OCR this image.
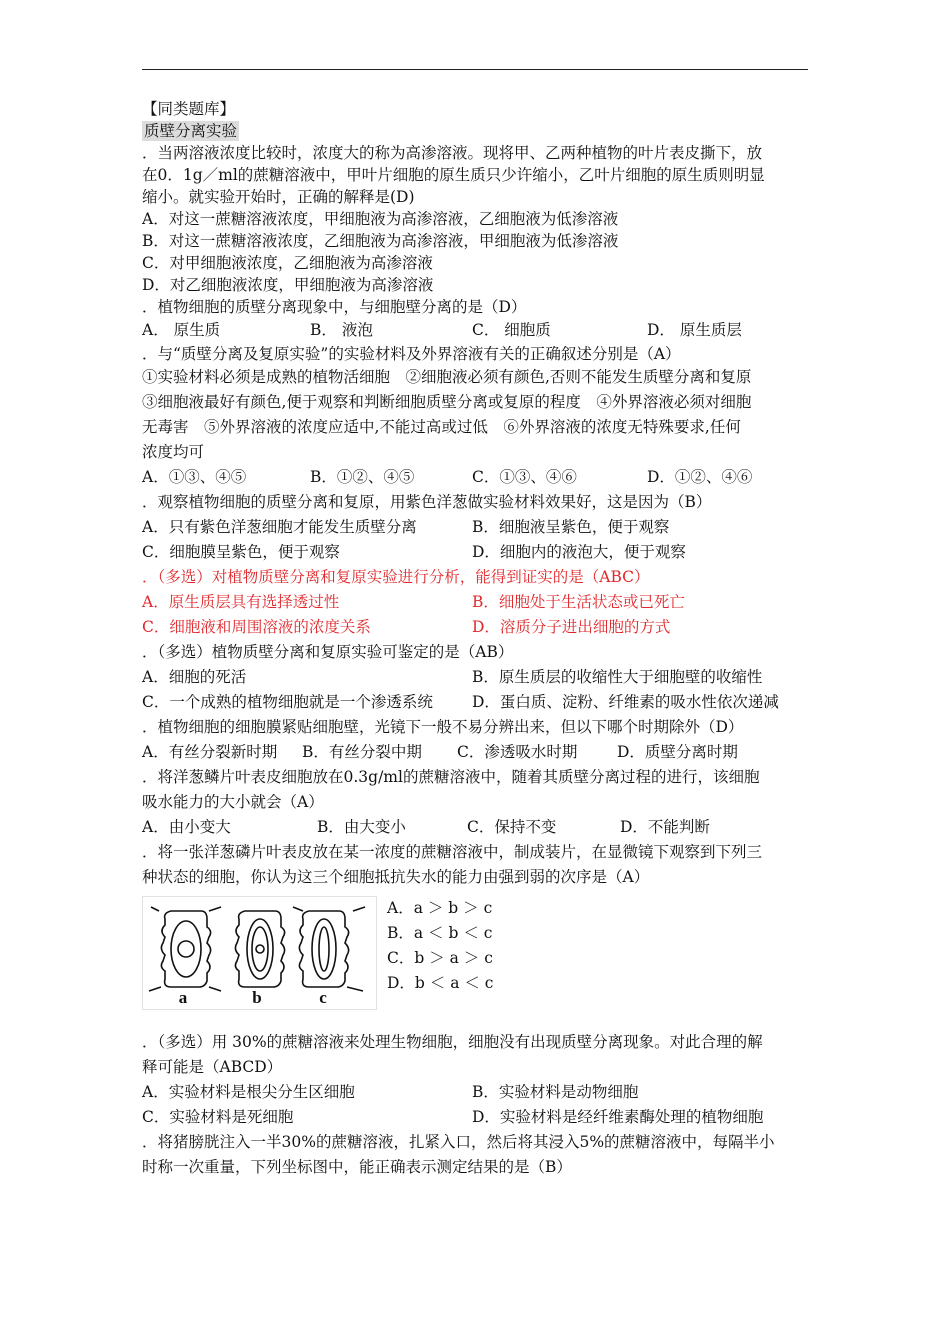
【同类题库】
质壁分离实验
．当两溶液浓度比较时，浓度大的称为高渗溶液。现将甲、乙两种植物的叶片表皮撕下，放
在0．1g／ml的蔗糖溶液中，甲叶片细胞的原生质只少许缩小，乙叶片细胞的原生质则明显
缩小。就实验开始时，正确的解释是(D)
A．对这一蔗糖溶液浓度，甲细胞液为高渗溶液，乙细胞液为低渗溶液
B．对这一蔗糖溶液浓度，乙细胞液为高渗溶液，甲细胞液为低渗溶液
C．对甲细胞液浓度，乙细胞液为高渗溶液
D．对乙细胞液浓度，甲细胞液为高渗溶液
．植物细胞的质壁分离现象中，与细胞壁分离的是（D）
A． 原生质	B． 液泡	C． 细胞质	D． 原生质层
．与“质壁分离及复原实验”的实验材料及外界溶液有关的正确叙述分别是（A）
①实验材料必须是成熟的植物活细胞　②细胞液必须有颜色,否则不能发生质壁分离和复原
③细胞液最好有颜色,便于观察和判断细胞质壁分离或复原的程度　④外界溶液必须对细胞
无毒害　⑤外界溶液的浓度应适中,不能过高或过低　⑥外界溶液的浓度无特殊要求,任何
浓度均可
A．①③、④⑤	B．①②、④⑤	C．①③、④⑥	D．①②、④⑥
．观察植物细胞的质壁分离和复原，用紫色洋葱做实验材料效果好，这是因为（B）
A．只有紫色洋葱细胞才能发生质壁分离	B．细胞液呈紫色，便于观察
C．细胞膜呈紫色，便于观察	D．细胞内的液泡大，便于观察
．（多选）对植物质壁分离和复原实验进行分析，能得到证实的是（ABC）
A．原生质层具有选择透过性	B．细胞处于生活状态或已死亡
C．细胞液和周围溶液的浓度关系	D．溶质分子进出细胞的方式
．（多选）植物质壁分离和复原实验可鉴定的是（AB）
A．细胞的死活	B．原生质层的收缩性大于细胞壁的收缩性
C．一个成熟的植物细胞就是一个渗透系统	D．蛋白质、淀粉、纤维素的吸水性依次递减
．植物细胞的细胞膜紧贴细胞壁，光镜下一般不易分辨出来，但以下哪个时期除外（D）
A．有丝分裂新时期 B．有丝分裂中期 C．渗透吸水时期	D．质壁分离时期
．将洋葱鳞片叶表皮细胞放在0.3g/ml的蔗糖溶液中，随着其质壁分离过程的进行，该细胞
吸水能力的大小就会（A）
A．由小变大	B．由大变小	C．保持不变	D．不能判断
．将一张洋葱磷片叶表皮放在某一浓度的蔗糖溶液中，制成装片，在显微镜下观察到下列三
种状态的细胞，你认为这三个细胞抵抗失水的能力由强到弱的次序是（A）
a	b	c
A．a ＞ b ＞ c
B．a ＜ b ＜ c
C．b ＞ a ＞ c
D．b ＜ a ＜ c
．（多选）用 30%的蔗糖溶液来处理生物细胞，细胞没有出现质壁分离现象。对此合理的解
释可能是（ABCD）
A．实验材料是根尖分生区细胞	B．实验材料是动物细胞
C．实验材料是死细胞	D．实验材料是经纤维素酶处理的植物细胞
．将猪膀胱注入一半30%的蔗糖溶液，扎紧入口，然后将其浸入5%的蔗糖溶液中，每隔半小
时称一次重量，下列坐标图中，能正确表示测定结果的是（B）
